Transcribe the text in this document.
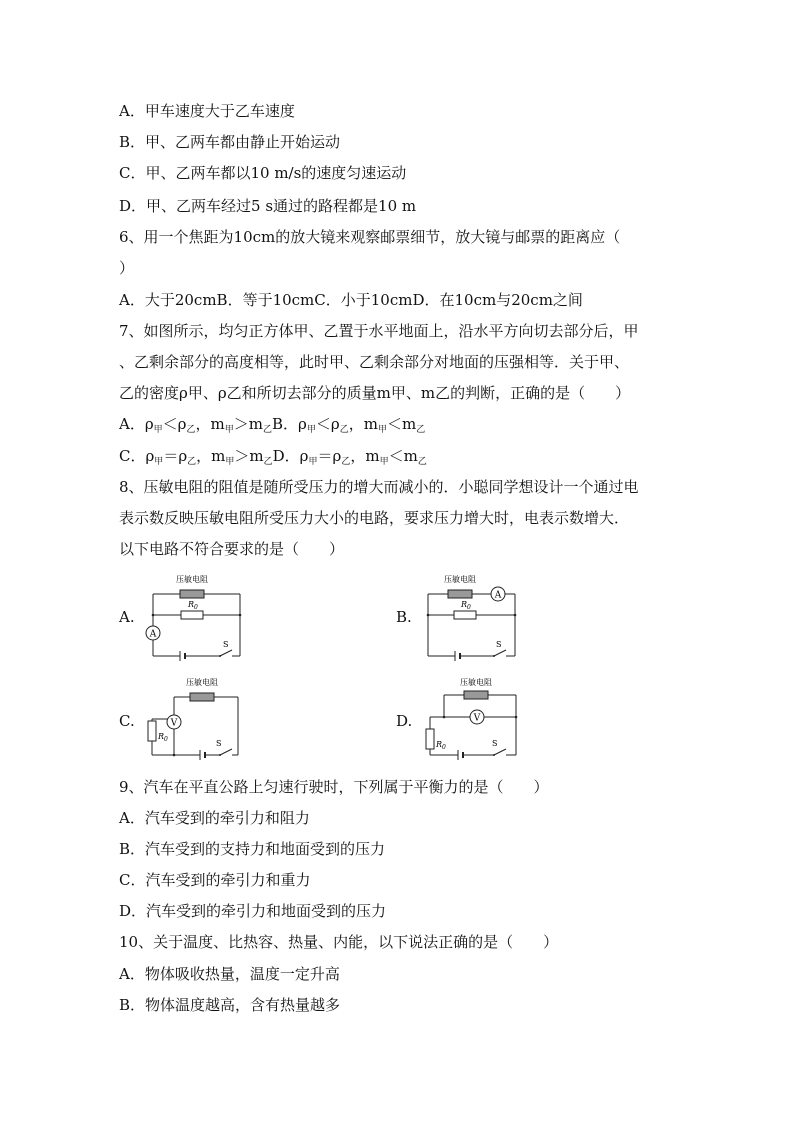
A．甲车速度大于乙车速度
B．甲、乙两车都由静止开始运动
C．甲、乙两车都以10 m/s的速度匀速运动
D．甲、乙两车经过5 s通过的路程都是10 m
6、用一个焦距为10cm的放大镜来观察邮票细节，放大镜与邮票的距离应（
）
A．大于20cmB．等于10cmC．小于10cmD．在10cm与20cm之间
7、如图所示，均匀正方体甲、乙置于水平地面上，沿水平方向切去部分后，甲
、乙剩余部分的高度相等，此时甲、乙剩余部分对地面的压强相等．关于甲、
乙的密度ρ甲、ρ乙和所切去部分的质量m甲、m乙的判断，正确的是（　　）
A．$\rho_甲<\rho_乙$，$m_甲>m_乙B$．$\rho_甲<\rho_乙$，$m_甲<m_乙$
C．$\rho_甲=\rho_乙$，$m_甲>m_乙D$．$\rho_甲=\rho_乙$，$m_甲<m_乙$
8、压敏电阻的阻值是随所受压力的增大而减小的．小聪同学想设计一个通过电
表示数反映压敏电阻所受压力大小的电路，要求压力增大时，电表示数增大．
以下电路不符合要求的是（　　）
A.	B.
C.	D.
A
压敏电阻
$R_0$
S
A
压敏电阻
$R_0$
S
V
压敏电阻
$R_0$	S
V
压敏电阻
$R_0$	S
9、汽车在平直公路上匀速行驶时，下列属于平衡力的是（　　）
A．汽车受到的牵引力和阻力
B．汽车受到的支持力和地面受到的压力
C．汽车受到的牵引力和重力
D．汽车受到的牵引力和地面受到的压力
10、关于温度、比热容、热量、内能，以下说法正确的是（　　）
A．物体吸收热量，温度一定升高
B．物体温度越高，含有热量越多
